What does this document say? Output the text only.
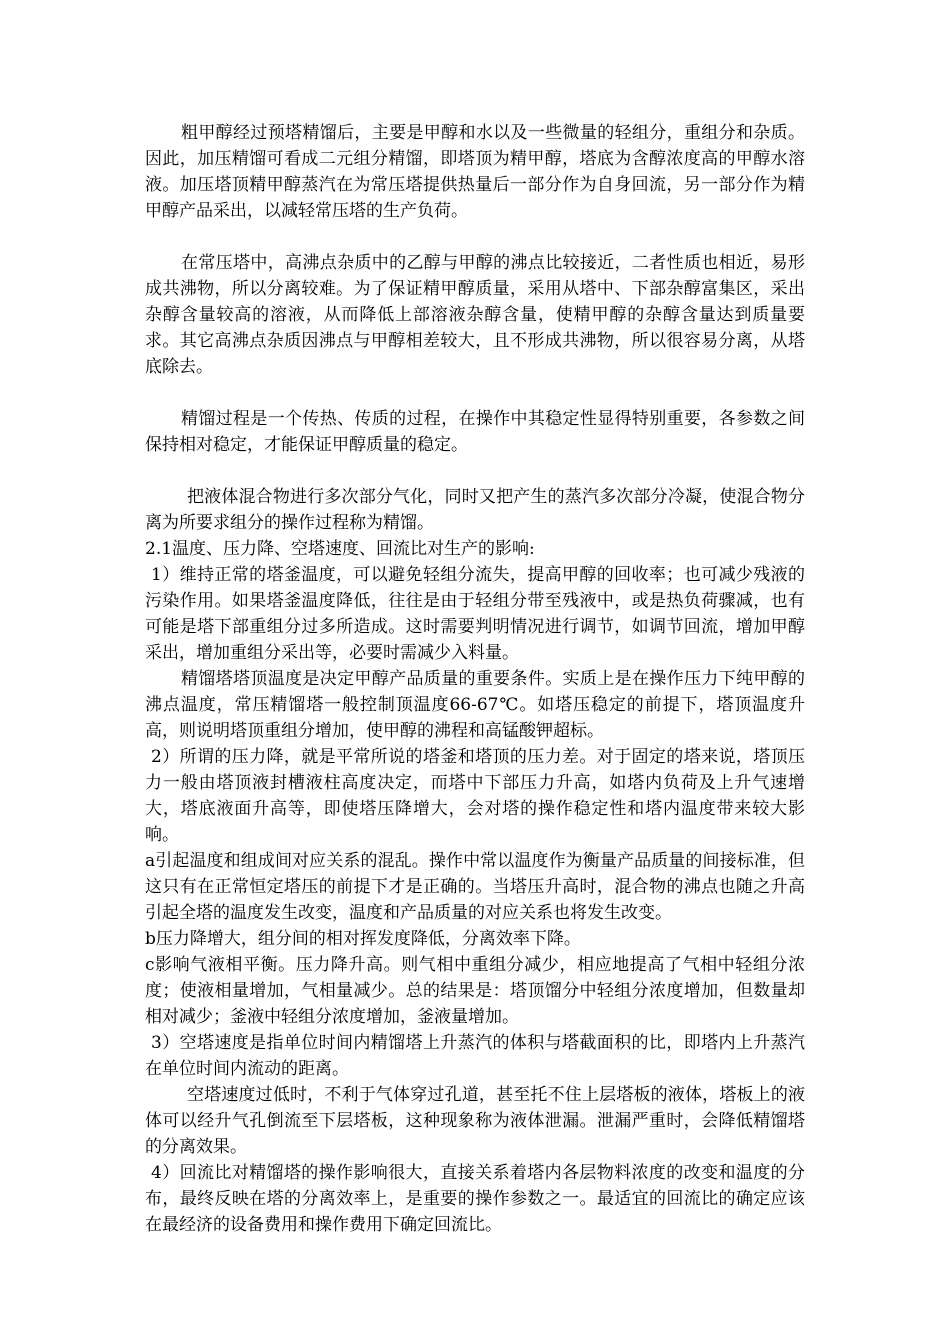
粗甲醇经过预塔精馏后，主要是甲醇和水以及一些微量的轻组分，重组分和杂质。因此，加压精馏可看成二元组分精馏，即塔顶为精甲醇，塔底为含醇浓度高的甲醇水溶液。加压塔顶精甲醇蒸汽在为常压塔提供热量后一部分作为自身回流，另一部分作为精甲醇产品采出，以减轻常压塔的生产负荷。

在常压塔中，高沸点杂质中的乙醇与甲醇的沸点比较接近，二者性质也相近，易形成共沸物，所以分离较难。为了保证精甲醇质量，采用从塔中、下部杂醇富集区，采出杂醇含量较高的溶液，从而降低上部溶液杂醇含量，使精甲醇的杂醇含量达到质量要求。其它高沸点杂质因沸点与甲醇相差较大，且不形成共沸物，所以很容易分离，从塔底除去。

精馏过程是一个传热、传质的过程，在操作中其稳定性显得特别重要，各参数之间保持相对稳定，才能保证甲醇质量的稳定。

把液体混合物进行多次部分气化，同时又把产生的蒸汽多次部分冷凝，使混合物分离为所要求组分的操作过程称为精馏。

2.1温度、压力降、空塔速度、回流比对生产的影响:

1）维持正常的塔釜温度，可以避免轻组分流失，提高甲醇的回收率；也可减少残液的污染作用。如果塔釜温度降低，往往是由于轻组分带至残液中，或是热负荷骤减，也有可能是塔下部重组分过多所造成。这时需要判明情况进行调节，如调节回流，增加甲醇采出，增加重组分采出等，必要时需减少入料量。

精馏塔塔顶温度是决定甲醇产品质量的重要条件。实质上是在操作压力下纯甲醇的沸点温度，常压精馏塔一般控制顶温度66-67℃。如塔压稳定的前提下，塔顶温度升高，则说明塔顶重组分增加，使甲醇的沸程和高锰酸钾超标。

2）所谓的压力降，就是平常所说的塔釜和塔顶的压力差。对于固定的塔来说，塔顶压力一般由塔顶液封槽液柱高度决定，而塔中下部压力升高，如塔内负荷及上升气速增大，塔底液面升高等，即使塔压降增大，会对塔的操作稳定性和塔内温度带来较大影响。

a引起温度和组成间对应关系的混乱。操作中常以温度作为衡量产品质量的间接标准，但这只有在正常恒定塔压的前提下才是正确的。当塔压升高时，混合物的沸点也随之升高引起全塔的温度发生改变，温度和产品质量的对应关系也将发生改变。

b压力降增大，组分间的相对挥发度降低，分离效率下降。

c影响气液相平衡。压力降升高。则气相中重组分减少，相应地提高了气相中轻组分浓度；使液相量增加，气相量减少。总的结果是：塔顶馏分中轻组分浓度增加，但数量却相对减少；釜液中轻组分浓度增加，釜液量增加。

3）空塔速度是指单位时间内精馏塔上升蒸汽的体积与塔截面积的比，即塔内上升蒸汽在单位时间内流动的距离。

空塔速度过低时，不利于气体穿过孔道，甚至托不住上层塔板的液体，塔板上的液体可以经升气孔倒流至下层塔板，这种现象称为液体泄漏。泄漏严重时，会降低精馏塔的分离效果。

4）回流比对精馏塔的操作影响很大，直接关系着塔内各层物料浓度的改变和温度的分布，最终反映在塔的分离效率上，是重要的操作参数之一。最适宜的回流比的确定应该在最经济的设备费用和操作费用下确定回流比。
